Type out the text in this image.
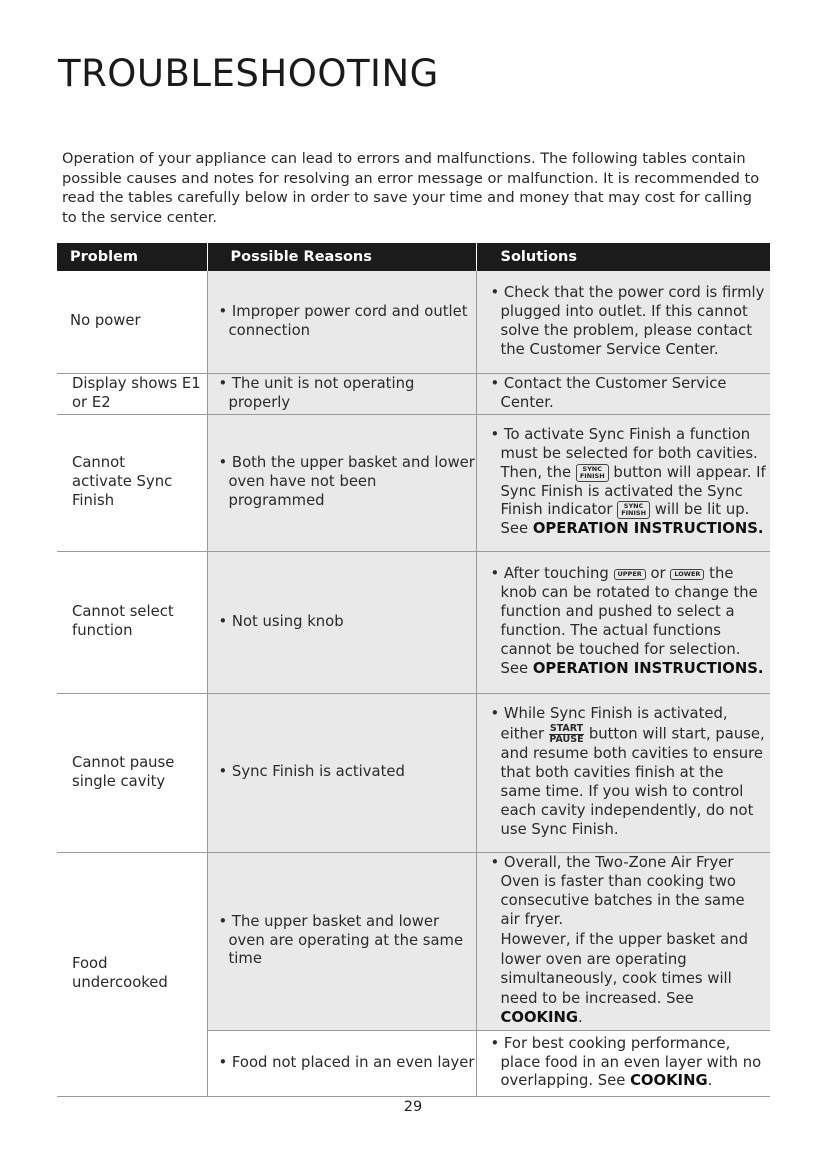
TROUBLESHOOTING

Operation of your appliance can lead to errors and malfunctions. The following tables contain possible causes and notes for resolving an error message or malfunction. It is recommended to read the tables carefully below in order to save your time and money that may cost for calling to the service center.

Problem	Possible Reasons	Solutions
No power	• Improper power cord and outlet connection	• Check that the power cord is firmly plugged into outlet. If this cannot solve the problem, please contact the Customer Service Center.

Display shows E1 or E2	• The unit is not operating properly	• Contact the Customer Service Center.

Cannot activate Sync Finish	• Both the upper basket and lower oven have not been programmed	• To activate Sync Finish a function must be selected for both cavities. Then, the SYNC
FINISH button will appear. If Sync Finish is activated the Sync Finish indicator SYNC
FINISH will be lit up. See OPERATION INSTRUCTIONS.

Cannot select function	• Not using knob	• After touching UPPER or LOWER the knob can be rotated to change the function and pushed to select a function. The actual functions cannot be touched for selection. See OPERATION INSTRUCTIONS.

Cannot pause single cavity	• Sync Finish is activated	• While Sync Finish is activated, either $\frac{\text{START}}{\text{PAUSE}}$ button will start, pause, and resume both cavities to ensure that both cavities finish at the same time. If you wish to control each cavity independently, do not use Sync Finish.

Food undercooked	• The upper basket and lower oven are operating at the same time	• Overall, the Two-Zone Air Fryer Oven is faster than cooking two consecutive batches in the same air fryer.
However, if the upper basket and lower oven are operating simultaneously, cook times will need to be increased. See COOKING.

	• Food not placed in an even layer	• For best cooking performance, place food in an even layer with no overlapping. See COOKING.
29
